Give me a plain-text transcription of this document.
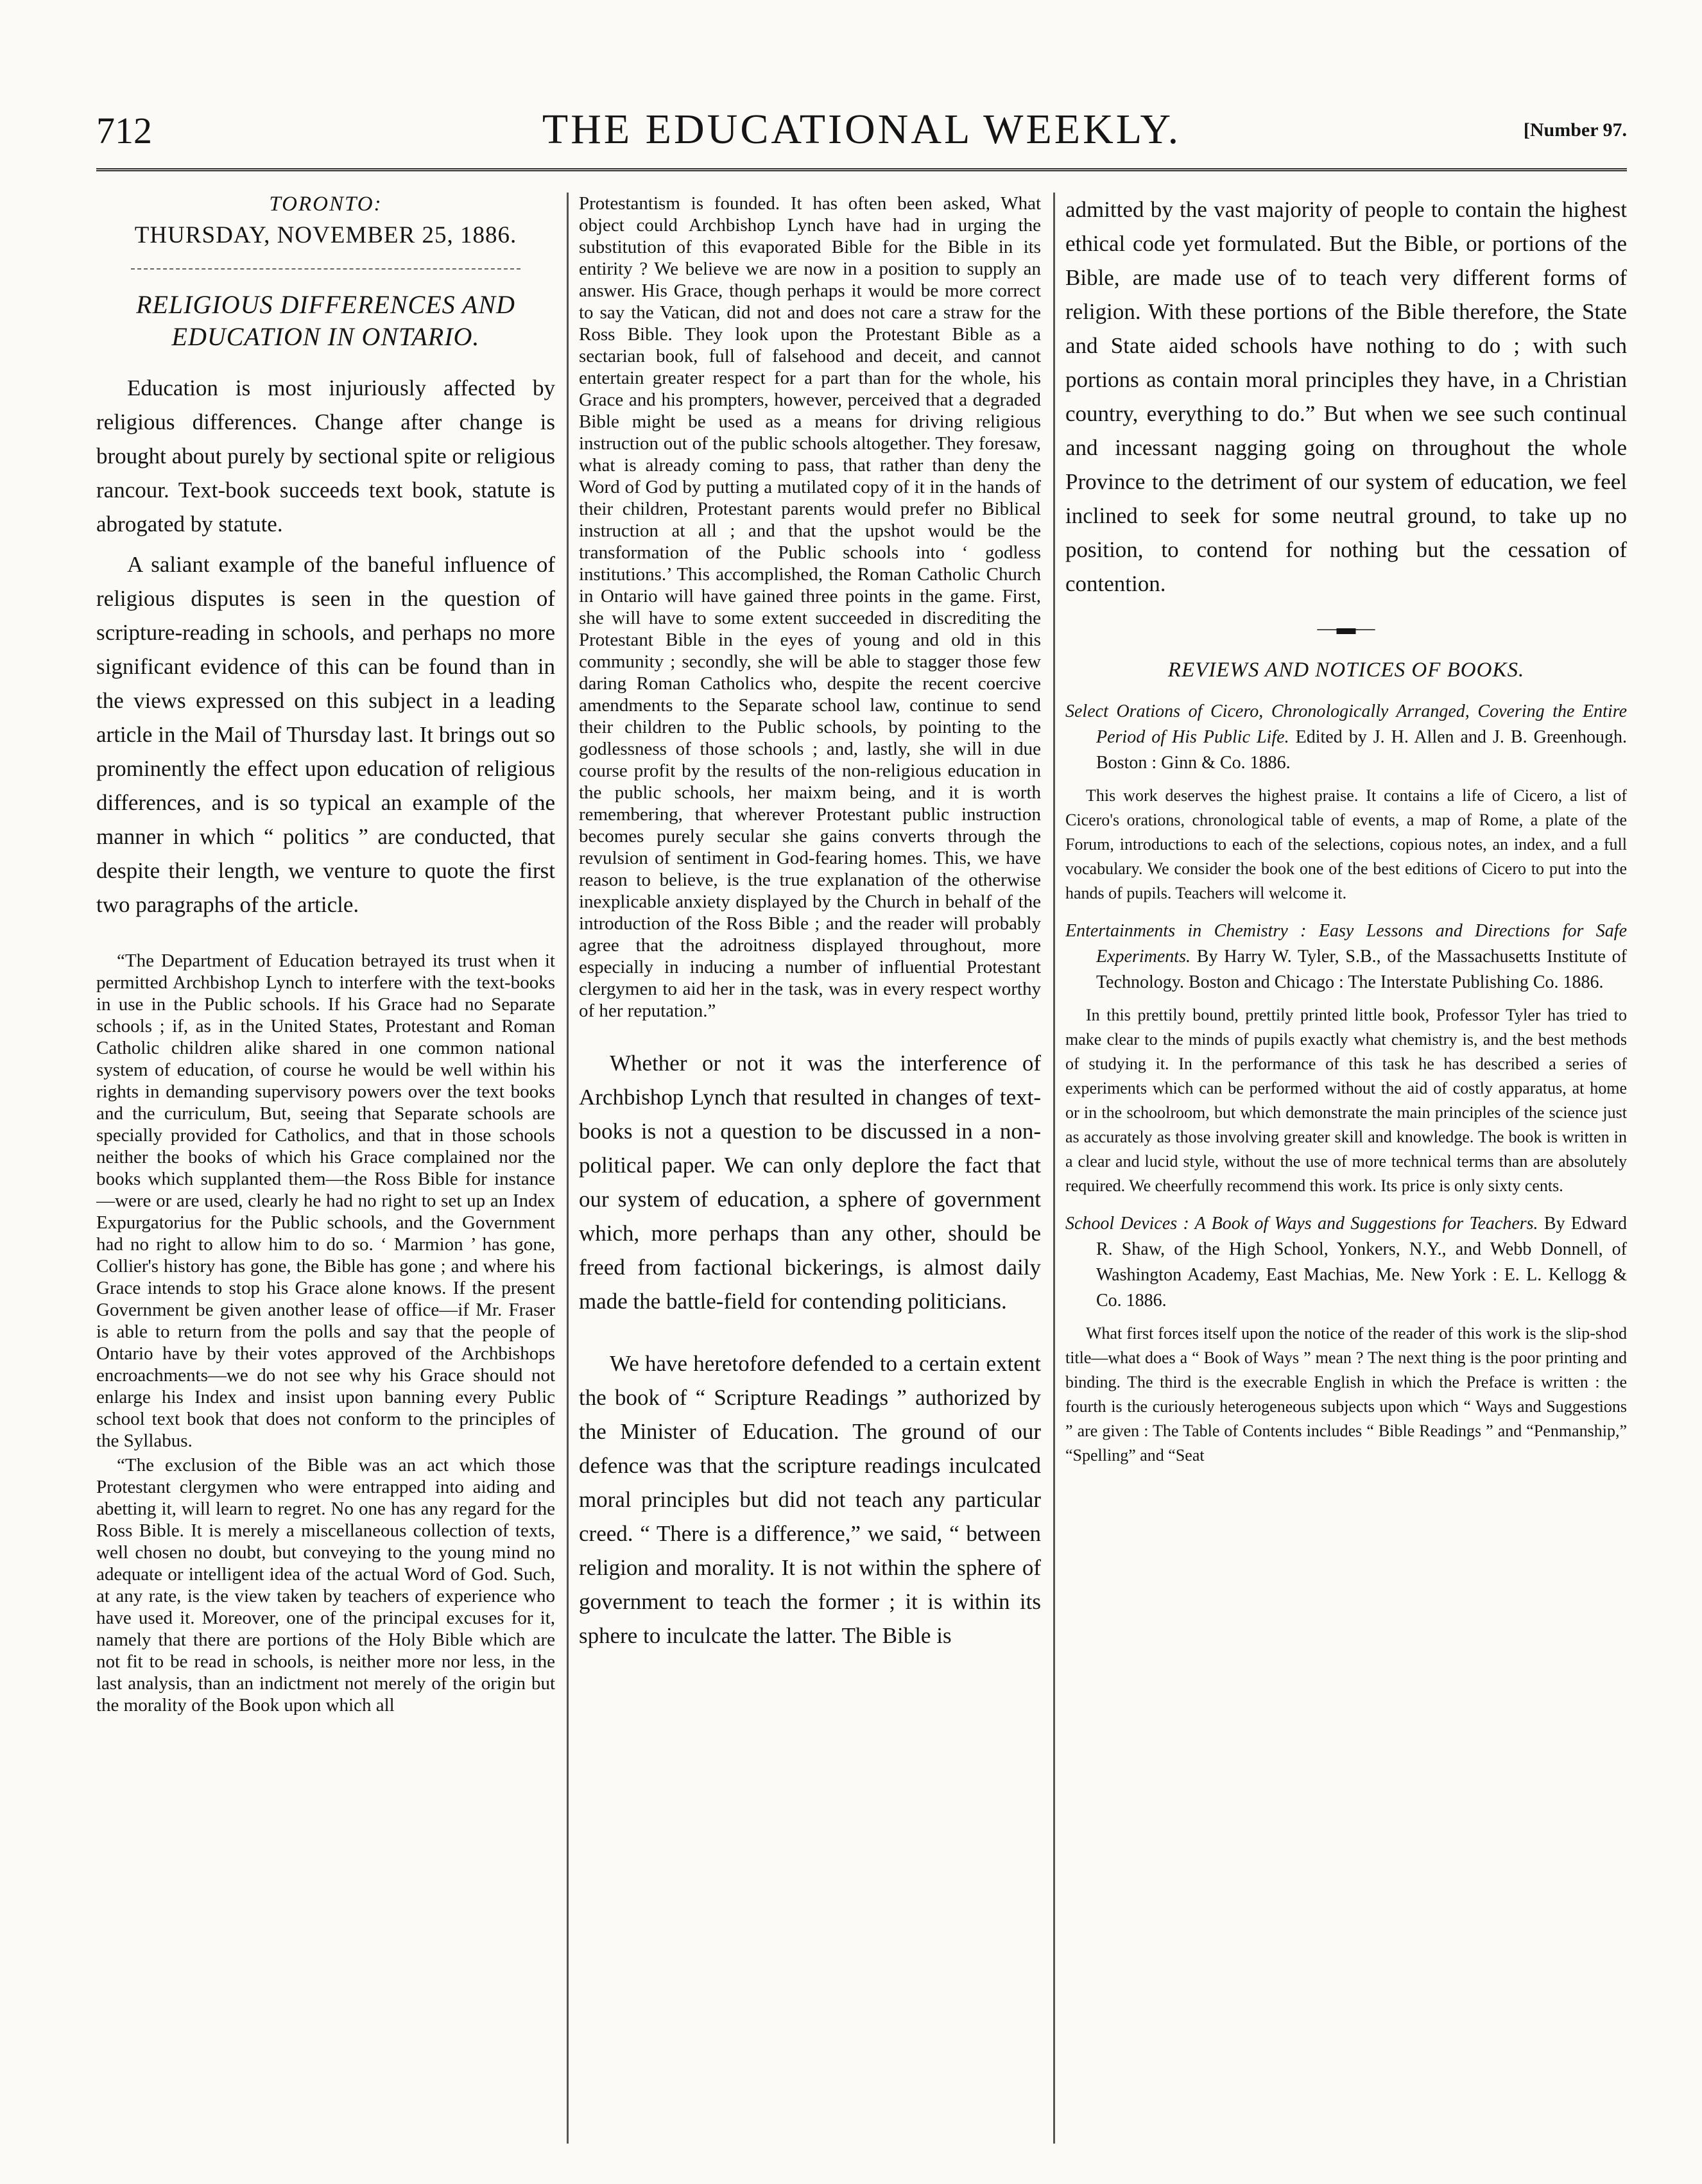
712	THE EDUCATIONAL WEEKLY.	[Number 97.

TORONTO:

THURSDAY, NOVEMBER 25, 1886.

RELIGIOUS DIFFERENCES AND
EDUCATION IN ONTARIO.

Education is most injuriously affected by religious differences. Change after change is brought about purely by sectional spite or religious rancour. Text-book succeeds text book, statute is abrogated by statute.

A saliant example of the baneful influence of religious disputes is seen in the question of scripture-reading in schools, and perhaps no more significant evidence of this can be found than in the views expressed on this subject in a leading article in the Mail of Thursday last. It brings out so prominently the effect upon education of religious differences, and is so typical an example of the manner in which “ politics ” are conducted, that despite their length, we venture to quote the first two paragraphs of the article.

“The Department of Education betrayed its trust when it permitted Archbishop Lynch to interfere with the text-books in use in the Public schools. If his Grace had no Separate schools ; if, as in the United States, Protestant and Roman Catholic children alike shared in one common national system of education, of course he would be well within his rights in demanding supervisory powers over the text books and the curriculum, But, seeing that Separate schools are specially provided for Catholics, and that in those schools neither the books of which his Grace complained nor the books which supplanted them—the Ross Bible for instance—were or are used, clearly he had no right to set up an Index Expurgatorius for the Public schools, and the Government had no right to allow him to do so. ‘ Marmion ’ has gone, Collier's history has gone, the Bible has gone ; and where his Grace intends to stop his Grace alone knows. If the present Government be given another lease of office—if Mr. Fraser is able to return from the polls and say that the people of Ontario have by their votes approved of the Archbishops encroachments—we do not see why his Grace should not enlarge his Index and insist upon banning every Public school text book that does not conform to the principles of the Syllabus.

“The exclusion of the Bible was an act which those Protestant clergymen who were entrapped into aiding and abetting it, will learn to regret. No one has any regard for the Ross Bible. It is merely a miscellaneous collection of texts, well chosen no doubt, but conveying to the young mind no adequate or intelligent idea of the actual Word of God. Such, at any rate, is the view taken by teachers of experience who have used it. Moreover, one of the principal excuses for it, namely that there are portions of the Holy Bible which are not fit to be read in schools, is neither more nor less, in the last analysis, than an indictment not merely of the origin but the morality of the Book upon which all

Protestantism is founded. It has often been asked, What object could Archbishop Lynch have had in urging the substitution of this evaporated Bible for the Bible in its entirity ? We believe we are now in a position to supply an answer. His Grace, though perhaps it would be more correct to say the Vatican, did not and does not care a straw for the Ross Bible. They look upon the Protestant Bible as a sectarian book, full of falsehood and deceit, and cannot entertain greater respect for a part than for the whole, his Grace and his prompters, however, perceived that a degraded Bible might be used as a means for driving religious instruction out of the public schools altogether. They foresaw, what is already coming to pass, that rather than deny the Word of God by putting a mutilated copy of it in the hands of their children, Protestant parents would prefer no Biblical instruction at all ; and that the upshot would be the transformation of the Public schools into ‘ godless institutions.’ This accomplished, the Roman Catholic Church in Ontario will have gained three points in the game. First, she will have to some extent succeeded in discrediting the Protestant Bible in the eyes of young and old in this community ; secondly, she will be able to stagger those few daring Roman Catholics who, despite the recent coercive amendments to the Separate school law, continue to send their children to the Public schools, by pointing to the godlessness of those schools ; and, lastly, she will in due course profit by the results of the non-religious education in the public schools, her maixm being, and it is worth remembering, that wherever Protestant public instruction becomes purely secular she gains converts through the revulsion of sentiment in God-fearing homes. This, we have reason to believe, is the true explanation of the otherwise inexplicable anxiety displayed by the Church in behalf of the introduction of the Ross Bible ; and the reader will probably agree that the adroitness displayed throughout, more especially in inducing a number of influential Protestant clergymen to aid her in the task, was in every respect worthy of her reputation.”

Whether or not it was the interference of Archbishop Lynch that resulted in changes of text-books is not a question to be discussed in a non-political paper. We can only deplore the fact that our system of education, a sphere of government which, more perhaps than any other, should be freed from factional bickerings, is almost daily made the battle-field for contending politicians.

We have heretofore defended to a certain extent the book of “ Scripture Readings ” authorized by the Minister of Education. The ground of our defence was that the scripture readings inculcated moral principles but did not teach any particular creed. “ There is a difference,” we said, “ between religion and morality. It is not within the sphere of government to teach the former ; it is within its sphere to inculcate the latter. The Bible is

admitted by the vast majority of people to contain the highest ethical code yet formulated. But the Bible, or portions of the Bible, are made use of to teach very different forms of religion. With these portions of the Bible therefore, the State and State aided schools have nothing to do ; with such portions as contain moral principles they have, in a Christian country, everything to do.” But when we see such continual and incessant nagging going on throughout the whole Province to the detriment of our system of education, we feel inclined to seek for some neutral ground, to take up no position, to contend for nothing but the cessation of contention.

—▬—
REVIEWS AND NOTICES OF BOOKS.
Select Orations of Cicero, Chronologically Arranged, Covering the Entire Period of His Public Life. Edited by J. H. Allen and J. B. Greenhough. Boston : Ginn & Co. 1886.

This work deserves the highest praise. It contains a life of Cicero, a list of Cicero's orations, chronological table of events, a map of Rome, a plate of the Forum, introductions to each of the selections, copious notes, an index, and a full vocabulary. We consider the book one of the best editions of Cicero to put into the hands of pupils. Teachers will welcome it.

Entertainments in Chemistry : Easy Lessons and Directions for Safe Experiments. By Harry W. Tyler, S.B., of the Massachusetts Institute of Technology. Boston and Chicago : The Interstate Publishing Co. 1886.

In this prettily bound, prettily printed little book, Professor Tyler has tried to make clear to the minds of pupils exactly what chemistry is, and the best methods of studying it. In the performance of this task he has described a series of experiments which can be performed without the aid of costly apparatus, at home or in the schoolroom, but which demonstrate the main principles of the science just as accurately as those involving greater skill and knowledge. The book is written in a clear and lucid style, without the use of more technical terms than are absolutely required. We cheerfully recommend this work. Its price is only sixty cents.

School Devices : A Book of Ways and Suggestions for Teachers. By Edward R. Shaw, of the High School, Yonkers, N.Y., and Webb Donnell, of Washington Academy, East Machias, Me. New York : E. L. Kellogg & Co. 1886.

What first forces itself upon the notice of the reader of this work is the slip-shod title—what does a “ Book of Ways ” mean ? The next thing is the poor printing and binding. The third is the execrable English in which the Preface is written : the fourth is the curiously heterogeneous subjects upon which “ Ways and Suggestions ” are given : The Table of Contents includes “ Bible Readings ” and “Penmanship,” “Spelling” and “Seat
